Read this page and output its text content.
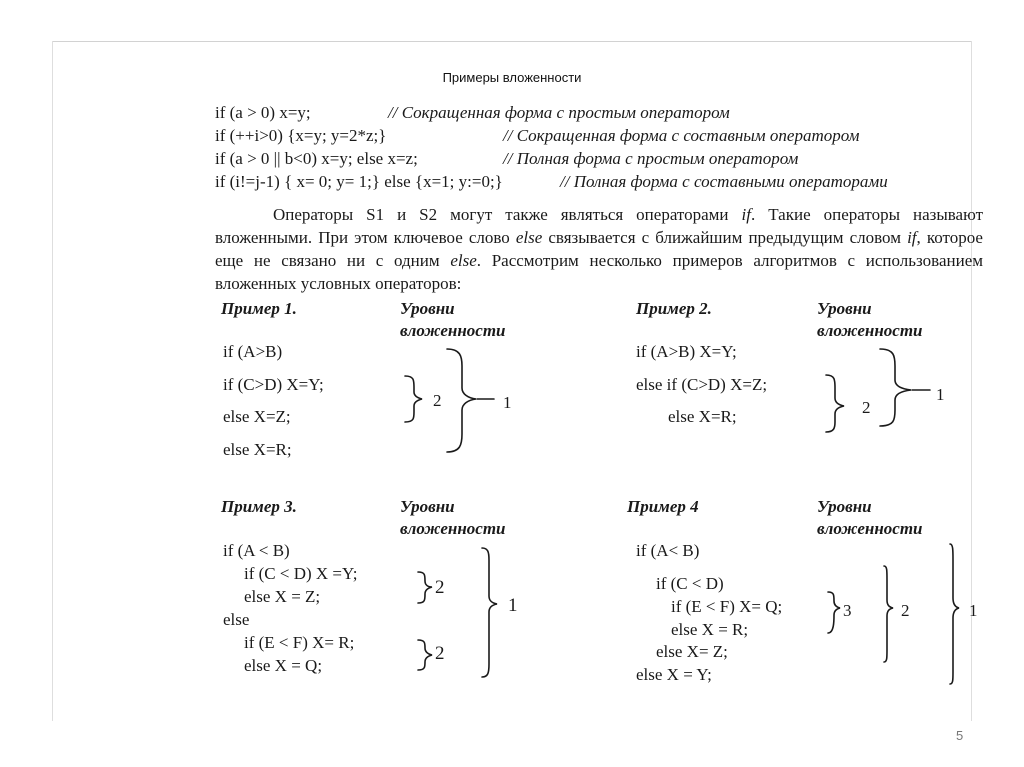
Примеры вложенности
if (a > 0) x=y;	// Сокращенная форма с простым оператором
if (++i>0) {x=y; y=2*z;}	// Сокращенная форма с составным оператором
if (a > 0 || b<0) x=y; else x=z;	// Полная форма с простым оператором
if (i!=j-1) { x= 0; y= 1;} else {x=1; y:=0;}	// Полная форма с составными операторами
Операторы S1 и S2 могут также являться операторами if. Такие операторы называют вложенными. При этом ключевое слово else связывается с ближайшим предыдущим словом if, которое еще не связано ни с одним else. Рассмотрим несколько примеров алгоритмов с использованием вложенных условных операторов:
Пример 1.	Уровни
вложенности
if (A>B)
if (C>D) X=Y;
else X=Z;
else X=R;
2	1
Пример 2.	Уровни
вложенности
if (A>B) X=Y;
else if (C>D) X=Z;
else X=R;	2
1
Пример 3.	Уровни
вложенности
if (A < B)
if (C < D) X =Y;
else X = Z;
else
if (E < F) X= R;
else X = Q;
2
2
1
Пример 4	Уровни
вложенности
if (A< B)
if (C < D)
if (E < F) X= Q;
else X = R;
else X= Z;
else X = Y;
3	2	1
5
